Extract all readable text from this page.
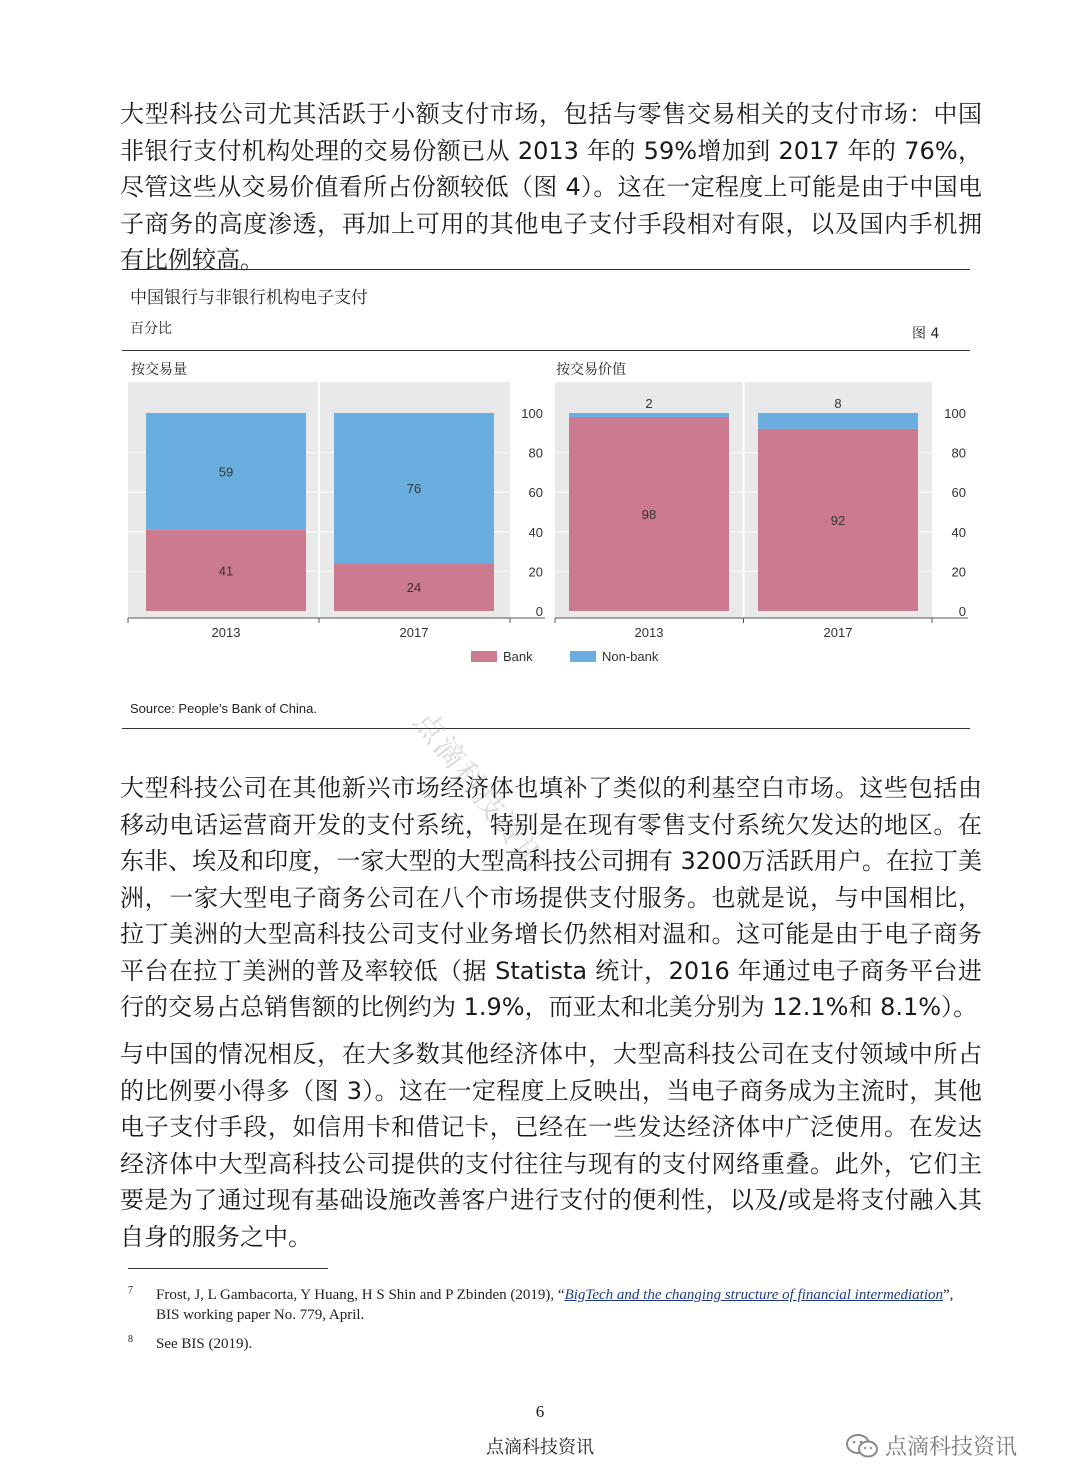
大型科技公司尤其活跃于小额支付市场，包括与零售交易相关的支付市场：中国非银行支付机构处理的交易份额已从 2013 年的 59%增加到 2017 年的 76%，尽管这些从交易价值看所占份额较低（图 4）。这在一定程度上可能是由于中国电子商务的高度渗透，再加上可用的其他电子支付手段相对有限，以及国内手机拥有比例较高。

中国银行与非银行机构电子支付
百分比	图 4
按交易量
0
20
40
60
80
100
41
59
2013
24
76
2017
按交易价值
0
20
40
60
80
100
98
2
2013
92
8
2017
Bank	Non-bank
Source: People’s Bank of China.	点滴科技资讯

大型科技公司在其他新兴市场经济体也填补了类似的利基空白市场。这些包括由移动电话运营商开发的支付系统，特别是在现有零售支付系统欠发达的地区。在东非、埃及和印度，一家大型的大型高科技公司拥有 3200万活跃用户。在拉丁美洲，一家大型电子商务公司在八个市场提供支付服务。也就是说，与中国相比，拉丁美洲的大型高科技公司支付业务增长仍然相对温和。这可能是由于电子商务平台在拉丁美洲的普及率较低（据 Statista 统计，2016 年通过电子商务平台进行的交易占总销售额的比例约为 1.9%，而亚太和北美分别为 12.1%和 8.1%）。

与中国的情况相反，在大多数其他经济体中，大型高科技公司在支付领域中所占的比例要小得多（图 3）。这在一定程度上反映出，当电子商务成为主流时，其他电子支付手段，如信用卡和借记卡，已经在一些发达经济体中广泛使用。在发达经济体中大型高科技公司提供的支付往往与现有的支付网络重叠。此外，它们主要是为了通过现有基础设施改善客户进行支付的便利性，以及/或是将支付融入其自身的服务之中。

7	Frost, J, L Gambacorta, Y Huang, H S Shin and P Zbinden (2019), “BigTech and the changing structure of financial intermediation”, BIS working paper No. 779, April.
8	See BIS (2019).
6
点滴科技资讯	点滴科技资讯
